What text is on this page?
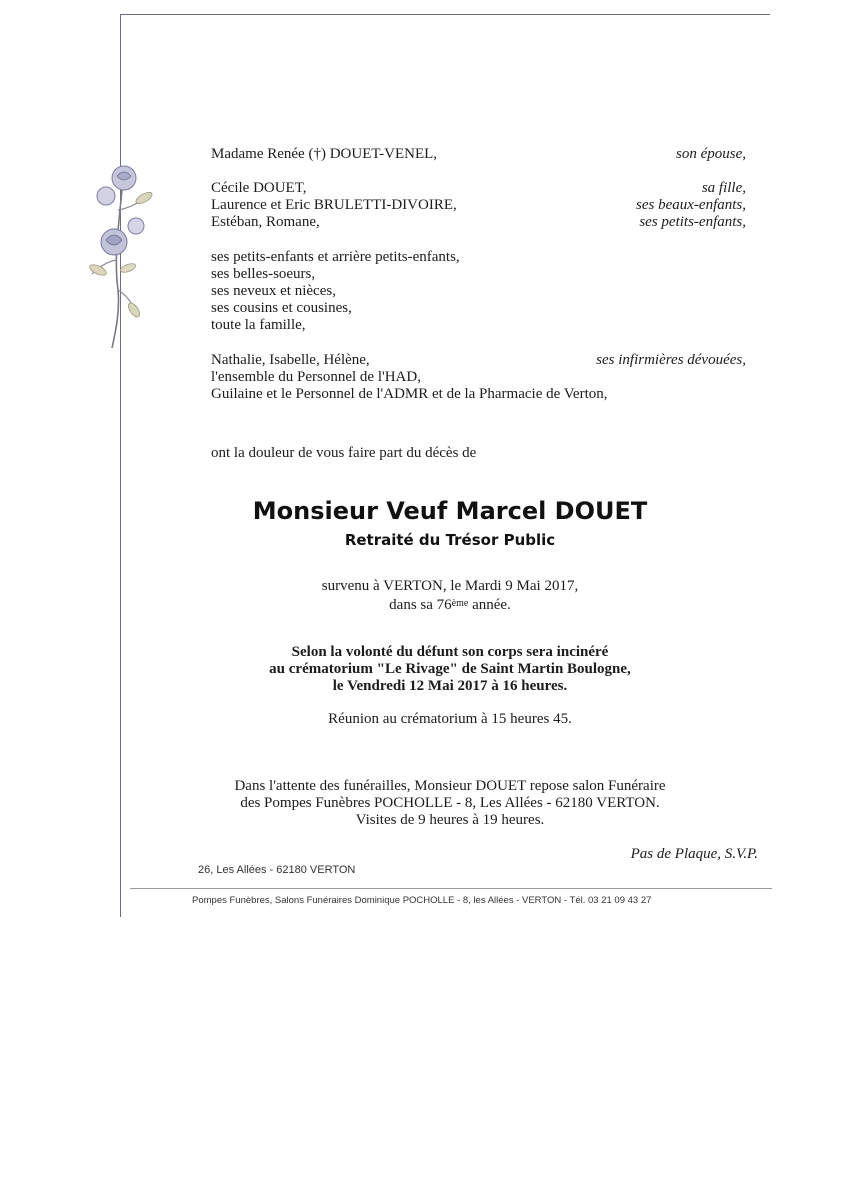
Madame Renée (†) DOUET-VENEL,	son épouse,
Cécile DOUET,	sa fille,
Laurence et Eric BRULETTI-DIVOIRE,	ses beaux-enfants,
Estéban, Romane,	ses petits-enfants,
ses petits-enfants et arrière petits-enfants,
ses belles-soeurs,
ses neveux et nièces,
ses cousins et cousines,
toute la famille,
Nathalie, Isabelle, Hélène,	ses infirmières dévouées,
l'ensemble du Personnel de l'HAD,
Guilaine et le Personnel de l'ADMR et de la Pharmacie de Verton,
ont la douleur de vous faire part du décès de
Monsieur Veuf Marcel DOUET
Retraité du Trésor Public
survenu à VERTON, le Mardi 9 Mai 2017,
dans sa 76ème année.
Selon la volonté du défunt son corps sera incinéré
au crématorium "Le Rivage" de Saint Martin Boulogne,
le Vendredi 12 Mai 2017 à 16 heures.
Réunion au crématorium à 15 heures 45.
Dans l'attente des funérailles, Monsieur DOUET repose salon Funéraire
des Pompes Funèbres POCHOLLE - 8, Les Allées - 62180 VERTON.
Visites de 9 heures à 19 heures.
Pas de Plaque, S.V.P.
26, Les Allées - 62180 VERTON
Pompes Funèbres, Salons Funéraires Dominique POCHOLLE - 8, les Allées - VERTON - Tél. 03 21 09 43 27
